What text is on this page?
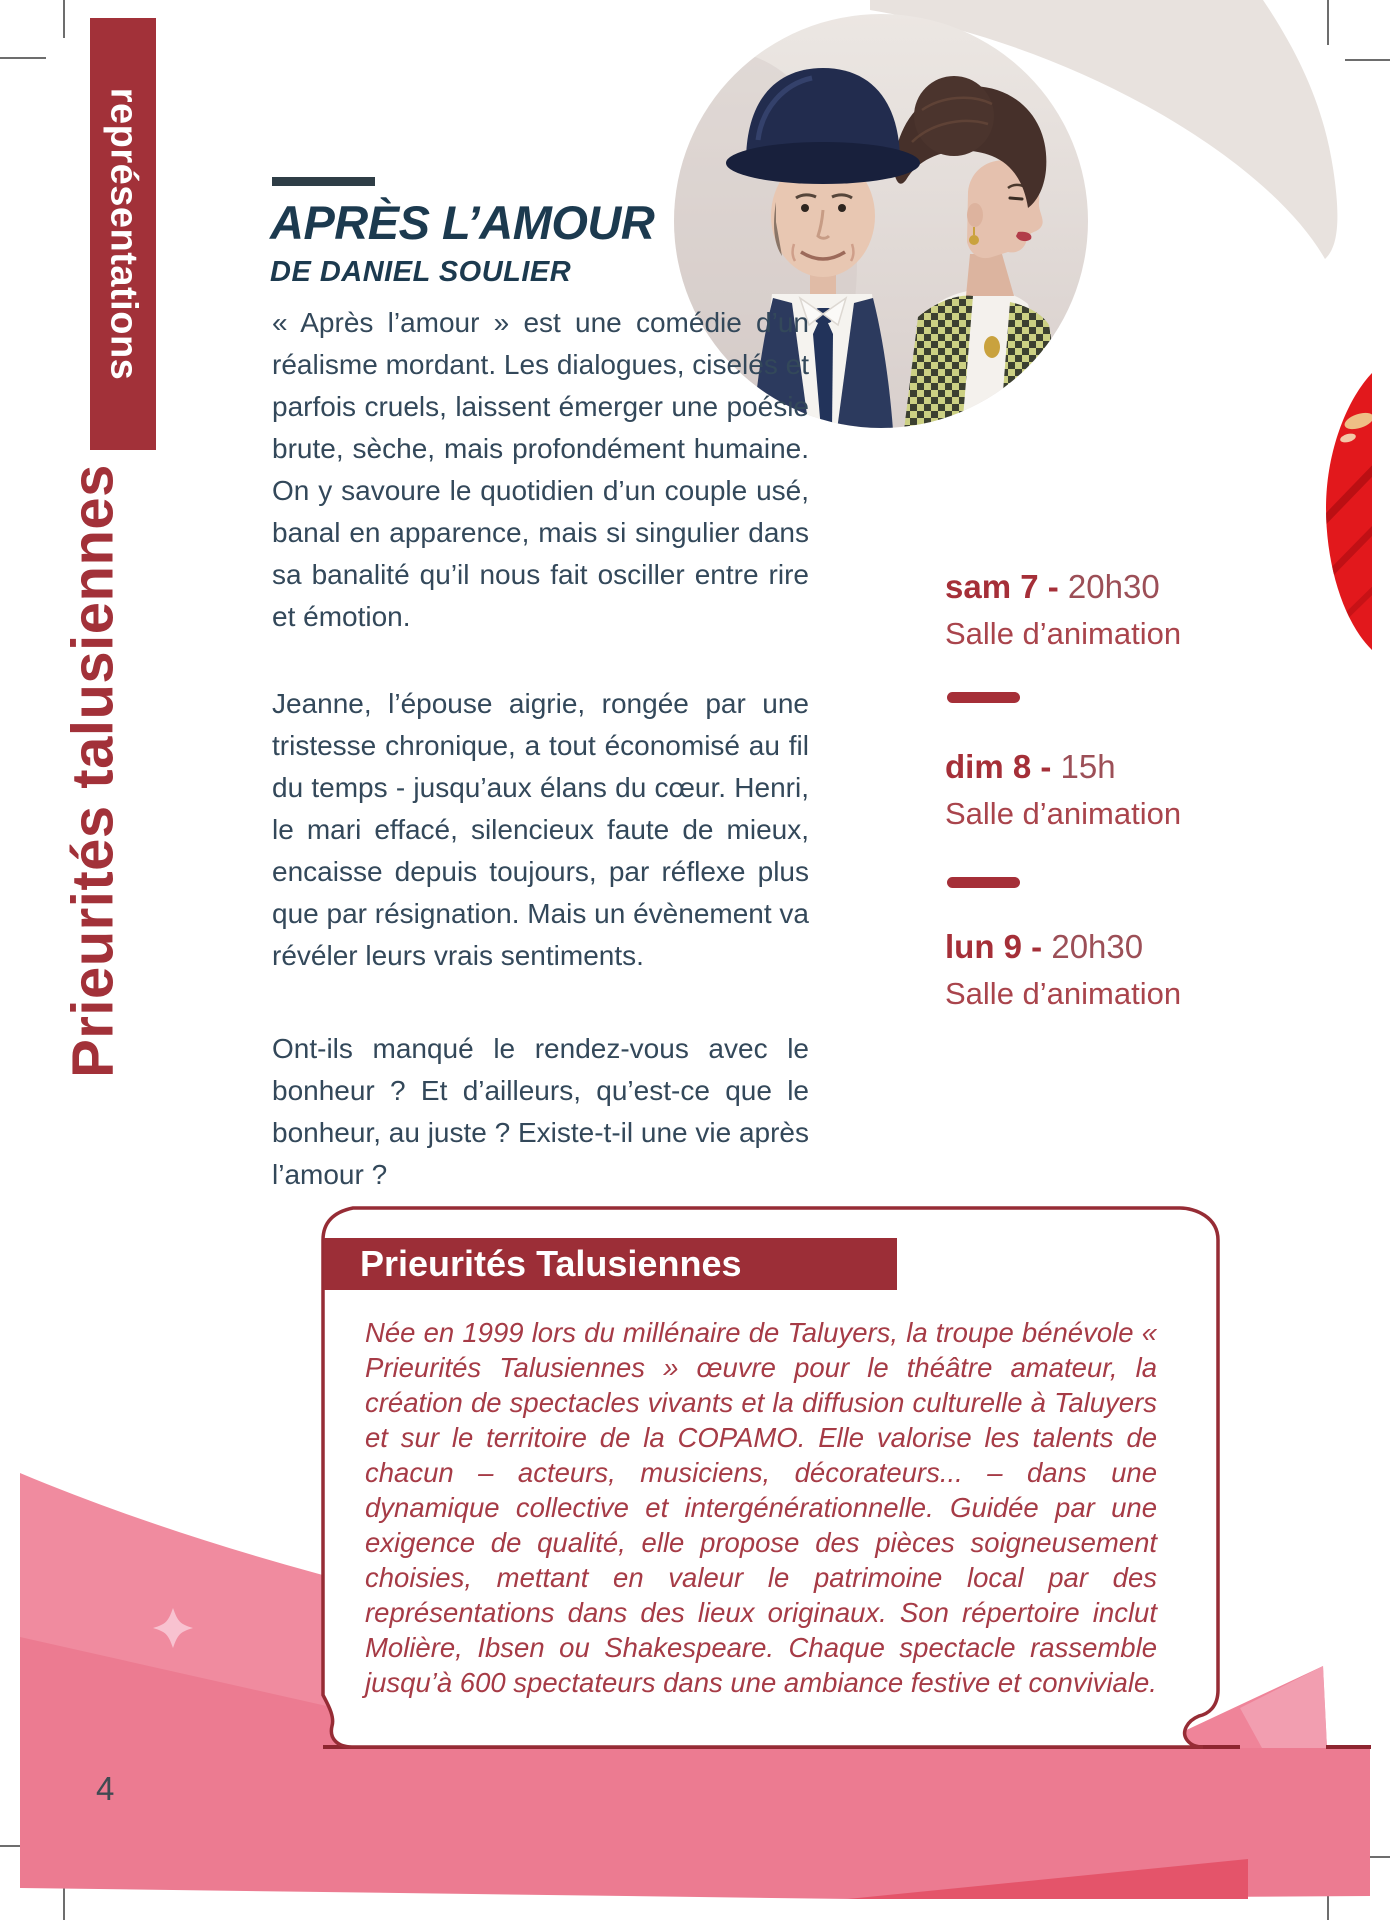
représentations
Prieurités talusiennes
APRÈS L’AMOUR
DE DANIEL SOULIER
« Après l’amour » est une comédie d’un réalisme mordant. Les dialogues, ciselés et parfois cruels, laissent émerger une poésie brute, sèche, mais profondément humaine. On y savoure le quotidien d’un couple usé, banal en apparence, mais si singulier dans sa banalité qu’il nous fait osciller entre rire et émotion.
Jeanne, l’épouse aigrie, rongée par une tristesse chronique, a tout économisé au fil du temps - jusqu’aux élans du cœur. Henri, le mari effacé, silencieux faute de mieux, encaisse depuis toujours, par réflexe plus que par résignation. Mais un évènement va révéler leurs vrais sentiments.
Ont-ils manqué le rendez-vous avec le bonheur ? Et d’ailleurs, qu’est-ce que le bonheur, au juste ? Existe-t-il une vie après l’amour ?
sam 7 - 20h30
Salle d’animation
dim 8 - 15h
Salle d’animation
lun 9 - 20h30
Salle d’animation
Prieurités Talusiennes
Née en 1999 lors du millénaire de Taluyers, la troupe bénévole « Prieurités Talusiennes » œuvre pour le théâtre amateur, la création de spectacles vivants et la diffusion culturelle à Taluyers et sur le territoire de la COPAMO. Elle valorise les talents de chacun – acteurs, musiciens, décorateurs... – dans une dynamique collective et intergénérationnelle. Guidée par une exigence de qualité, elle propose des pièces soigneusement choisies, mettant en valeur le patrimoine local par des représentations dans des lieux originaux. Son répertoire inclut Molière, Ibsen ou Shakespeare. Chaque spectacle rassemble jusqu’à 600 spectateurs dans une ambiance festive et conviviale.
4
